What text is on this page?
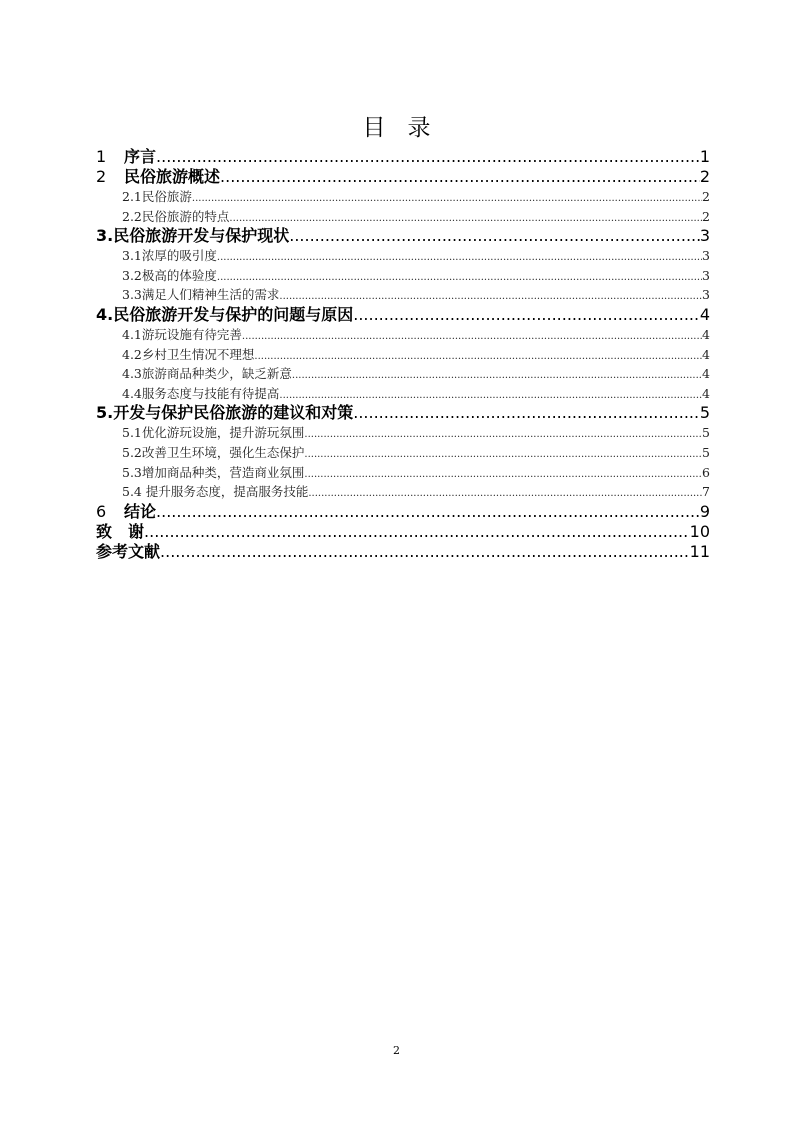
目 录
1 序言 .....	1
2 民俗旅游概述 .....	2
2.1民俗旅游 .....	2
2.2民俗旅游的特点 .....	2
3.民俗旅游开发与保护现状 .....	3
3.1浓厚的吸引度 .....	3
3.2极高的体验度 .....	3
3.3满足人们精神生活的需求 .....	3
4.民俗旅游开发与保护的问题与原因 .....	4
4.1游玩设施有待完善 .....	4
4.2乡村卫生情况不理想 .....	4
4.3旅游商品种类少，缺乏新意 .....	4
4.4服务态度与技能有待提高 .....	4
5.开发与保护民俗旅游的建议和对策 .....	5
5.1优化游玩设施，提升游玩氛围 .....	5
5.2改善卫生环境，强化生态保护 .....	5
5.3增加商品种类，营造商业氛围 .....	6
5.4 提升服务态度，提高服务技能 .....	7
6 结论 .....	9
致　谢 .....	10
参考文献 .....	11
2
